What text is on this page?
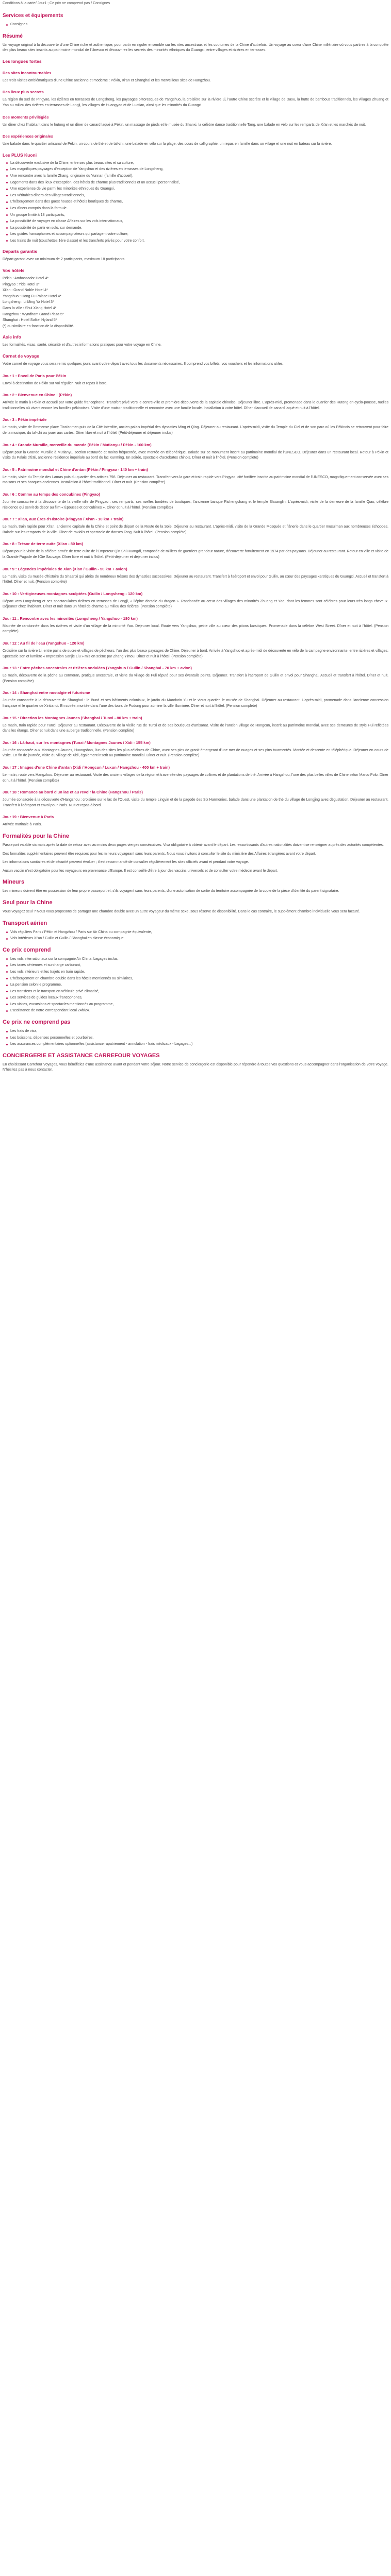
Conditions à la carte/ Jour1 ; Ce prix ne comprend pas / Consignes
Services et équipements
Consignes
Résumé

Un voyage original à la découverte d'une Chine riche et authentique, pour partir en rigoler ensemble sur les rites ancestraux et les coutumes de la Chine d'autrefois. Un voyage au coeur d'une Chine millénaire où vous partirez à la conquête des plus beaux sites inscrits au patrimoine mondial de l'Unesco et découvrirez les secrets des minorités ethniques du Guangxi, entre villages et rizières en terrasses.

Les longues fortes
Des sites incontournables

Les trois visites emblématiques d'une Chine ancienne et moderne : Pékin, Xi'an et Shanghai et les merveilleux sites de Hangzhou.

Des lieux plus secrets

La région du sud de Pingyao, les rizières en terrasses de Longsheng, les paysages pittoresques de Yangshuo, la croisière sur la rivière Li, l'autre Chine secrète et le village de Daxu, la hutte de bambous traditionnels, les villages Zhuang et Yao au milieu des rizières en terrasses de Longji, les villages de Huangyao et de Luotian, ainsi que les minorités du Guangxi.

Des moments privilégiés

Un dîner chez l'habitant dans le hutong et un dîner de canard laqué à Pékin, un massage de pieds et le musée du Shanxi, la célèbre danse traditionnelle Tang, une balade en vélo sur les remparts de Xi'an et les marchés de nuit.

Des expériences originales

Une balade dans le quartier artisanal de Pékin, un cours de thé et de taï-chi, une balade en vélo sur la plage, des cours de calligraphie, un repas en famille dans un village et une nuit en bateau sur la rivière.

Les PLUS Kuoni
La découverte exclusive de la Chine, entre ses plus beaux sites et sa culture,
Les magnifiques paysages d'exception de Yangshuo et des rizières en terrasses de Longsheng,
Une rencontre avec la famille Zhang, originaire du Yunnan (famille d'accueil),
Logements dans des lieux d'exception, des hôtels de charme plus traditionnels et un accueil personnalisé,
Une expérience de vie parmi les minorités ethniques du Guangxi,
Les véritables dîners des villages traditionnels,
L'hébergement dans des guest houses et hôtels boutiques de charme,
Les dîners compris dans la formule.
Un groupe limité à 18 participants,
La possibilité de voyager en classe Affaires sur les vols internationaux,
La possibilité de partir en solo, sur demande,
Les guides francophones et accompagnateurs qui partagent votre culture,
Les trains de nuit (couchettes 1ère classe) et les transferts privés pour votre confort.
Départs garantis

Départ garanti avec un minimum de 2 participants, maximum 18 participants.

Vos hôtels

Pékin : Ambassador Hotel 4*

Pingyao : Yide Hotel 3*

Xi'an : Grand Noble Hotel 4*

Yangshuo : Hong Fu Palace Hotel 4*

Longsheng : Li Ming Ya Hotel 3*

Dans la ville : Shui Xiang Hotel 4*

Hangzhou : Wyndham Grand Plaza 5*

Shanghai : Hotel Sofitel Hyland 5*

(*) ou similaire en fonction de la disponibilité.

Asie info

Les formalités, visas, santé, sécurité et d'autres informations pratiques pour votre voyage en Chine.

Carnet de voyage

Votre carnet de voyage vous sera remis quelques jours avant votre départ avec tous les documents nécessaires. Il comprend vos billets, vos vouchers et les informations utiles.

Jour 1 : Envol de Paris pour Pékin

Envol à destination de Pékin sur vol régulier. Nuit et repas à bord.

Jour 2 : Bienvenue en Chine ! (Pékin)

Arrivée le matin à Pékin et accueil par votre guide francophone. Transfert privé vers le centre-ville et première découverte de la capitale chinoise. Déjeuner libre. L'après-midi, promenade dans le quartier des Hutong en cyclo-pousse, ruelles traditionnelles où vivent encore les familles pékinoises. Visite d'une maison traditionnelle et rencontre avec une famille locale. Installation à votre hôtel. Dîner d'accueil de canard laqué et nuit à l'hôtel.

Jour 3 : Pékin impériale

Le matin, visite de l'immense place Tian'anmen puis de la Cité Interdite, ancien palais impérial des dynasties Ming et Qing. Déjeuner au restaurant. L'après-midi, visite du Temple du Ciel et de son parc où les Pékinois se retrouvent pour faire de la musique, du taï-chi ou jouer aux cartes. Dîner libre et nuit à l'hôtel. (Petit-déjeuner et déjeuner inclus)

Jour 4 : Grande Muraille, merveille du monde (Pékin / Mutianyu / Pékin - 160 km)

Départ pour la Grande Muraille à Mutianyu, section restaurée et moins fréquentée, avec montée en téléphérique. Balade sur ce monument inscrit au patrimoine mondial de l'UNESCO. Déjeuner dans un restaurant local. Retour à Pékin et visite du Palais d'Été, ancienne résidence impériale au bord du lac Kunming. En soirée, spectacle d'acrobates chinois. Dîner et nuit à l'hôtel. (Pension complète)

Jour 5 : Patrimoine mondial et Chine d'antan (Pékin / Pingyao - 140 km + train)

Le matin, visite du Temple des Lamas puis du quartier des artistes 798. Déjeuner au restaurant. Transfert vers la gare et train rapide vers Pingyao, cité fortifiée inscrite au patrimoine mondial de l'UNESCO, magnifiquement conservée avec ses maisons et ses banques anciennes. Installation à l'hôtel traditionnel. Dîner et nuit. (Pension complète)

Jour 6 : Comme au temps des concubines (Pingyao)

Journée consacrée à la découverte de la vieille ville de Pingyao : ses remparts, ses ruelles bordées de boutiques, l'ancienne banque Rishengchang et le temple Shuanglin. L'après-midi, visite de la demeure de la famille Qiao, célèbre résidence qui servit de décor au film « Épouses et concubines ». Dîner et nuit à l'hôtel. (Pension complète)

Jour 7 : Xi'an, aux Ères d'Histoire (Pingyao / Xi'an - 10 km + train)

Le matin, train rapide pour Xi'an, ancienne capitale de la Chine et point de départ de la Route de la Soie. Déjeuner au restaurant. L'après-midi, visite de la Grande Mosquée et flânerie dans le quartier musulman aux nombreuses échoppes. Balade sur les remparts de la ville. Dîner de raviolis et spectacle de danses Tang. Nuit à l'hôtel. (Pension complète)

Jour 8 : Trésor de terre cuite (Xi'an - 80 km)

Départ pour la visite de la célèbre armée de terre cuite de l'Empereur Qin Shi Huangdi, composée de milliers de guerriers grandeur nature, découverte fortuitement en 1974 par des paysans. Déjeuner au restaurant. Retour en ville et visite de la Grande Pagode de l'Oie Sauvage. Dîner libre et nuit à l'hôtel. (Petit-déjeuner et déjeuner inclus)

Jour 9 : Légendes impériales de Xian (Xian / Guilin - 50 km + avion)

Le matin, visite du musée d'histoire du Shaanxi qui abrite de nombreux trésors des dynasties successives. Déjeuner au restaurant. Transfert à l'aéroport et envol pour Guilin, au cœur des paysages karstiques du Guangxi. Accueil et transfert à l'hôtel. Dîner et nuit. (Pension complète)

Jour 10 : Vertigineuses montagnes sculptées (Guilin / Longsheng - 120 km)

Départ vers Longsheng et ses spectaculaires rizières en terrasses de Longji, « l'épine dorsale du dragon ». Randonnée au cœur des villages des minorités Zhuang et Yao, dont les femmes sont célèbres pour leurs très longs cheveux. Déjeuner chez l'habitant. Dîner et nuit dans un hôtel de charme au milieu des rizières. (Pension complète)

Jour 11 : Rencontre avec les minorités (Longsheng / Yangshuo - 180 km)

Matinée de randonnée dans les rizières et visite d'un village de la minorité Yao. Déjeuner local. Route vers Yangshuo, petite ville au cœur des pitons karstiques. Promenade dans la célèbre West Street. Dîner et nuit à l'hôtel. (Pension complète)

Jour 12 : Au fil de l'eau (Yangshuo - 120 km)

Croisière sur la rivière Li, entre pains de sucre et villages de pêcheurs, l'un des plus beaux paysages de Chine. Déjeuner à bord. Arrivée à Yangshuo et après-midi de découverte en vélo de la campagne environnante, entre rizières et villages. Spectacle son et lumière « Impression Sanjie Liu » mis en scène par Zhang Yimou. Dîner et nuit à l'hôtel. (Pension complète)

Jour 13 : Entre pêches ancestrales et rizières ondulées (Yangshuo / Guilin / Shanghai - 70 km + avion)

Le matin, découverte de la pêche au cormoran, pratique ancestrale, et visite du village de Fuli réputé pour ses éventails peints. Déjeuner. Transfert à l'aéroport de Guilin et envol pour Shanghai. Accueil et transfert à l'hôtel. Dîner et nuit. (Pension complète)

Jour 14 : Shanghai entre nostalgie et futurisme

Journée consacrée à la découverte de Shanghai : le Bund et ses bâtiments coloniaux, le jardin du Mandarin Yu et le vieux quartier, le musée de Shanghai. Déjeuner au restaurant. L'après-midi, promenade dans l'ancienne concession française et le quartier de Xintiandi. En soirée, montée dans l'une des tours de Pudong pour admirer la ville illuminée. Dîner et nuit à l'hôtel. (Pension complète)

Jour 15 : Direction les Montagnes Jaunes (Shanghai / Tunxi - 80 km + train)

Le matin, train rapide pour Tunxi. Déjeuner au restaurant. Découverte de la vieille rue de Tunxi et de ses boutiques d'artisanat. Visite de l'ancien village de Hongcun, inscrit au patrimoine mondial, avec ses demeures de style Hui reflétées dans les étangs. Dîner et nuit dans une auberge traditionnelle. (Pension complète)

Jour 16 : Là-haut, sur les montagnes (Tunxi / Montagnes Jaunes / Xidi - 155 km)

Journée consacrée aux Montagnes Jaunes, Huangshan, l'un des sites les plus célèbres de Chine, avec ses pics de granit émergeant d'une mer de nuages et ses pins tourmentés. Montée et descente en téléphérique. Déjeuner en cours de visite. En fin de journée, visite du village de Xidi, également inscrit au patrimoine mondial. Dîner et nuit. (Pension complète)

Jour 17 : Images d'une Chine d'antan (Xidi / Hongcun / Luxun / Hangzhou - 400 km + train)

Le matin, route vers Hangzhou. Déjeuner au restaurant. Visite des anciens villages de la région et traversée des paysages de collines et de plantations de thé. Arrivée à Hangzhou, l'une des plus belles villes de Chine selon Marco Polo. Dîner et nuit à l'hôtel. (Pension complète)

Jour 18 : Romance au bord d'un lac et au revoir la Chine (Hangzhou / Paris)

Journée consacrée à la découverte d'Hangzhou : croisière sur le lac de l'Ouest, visite du temple Lingyin et de la pagode des Six Harmonies, balade dans une plantation de thé du village de Longjing avec dégustation. Déjeuner au restaurant. Transfert à l'aéroport et envol pour Paris. Nuit et repas à bord.

Jour 19 : Bienvenue à Paris

Arrivée matinale à Paris.

Formalités pour la Chine

Passeport valable six mois après la date de retour avec au moins deux pages vierges consécutives. Visa obligatoire à obtenir avant le départ. Les ressortissants d'autres nationalités doivent se renseigner auprès des autorités compétentes.

Des formalités supplémentaires peuvent être requises pour les mineurs voyageant sans leurs parents. Nous vous invitons à consulter le site du ministère des Affaires étrangères avant votre départ.

Les informations sanitaires et de sécurité peuvent évoluer ; il est recommandé de consulter régulièrement les sites officiels avant et pendant votre voyage.

Aucun vaccin n'est obligatoire pour les voyageurs en provenance d'Europe. Il est conseillé d'être à jour des vaccins universels et de consulter votre médecin avant le départ.

Mineurs

Les mineurs doivent être en possession de leur propre passeport et, s'ils voyagent sans leurs parents, d'une autorisation de sortie du territoire accompagnée de la copie de la pièce d'identité du parent signataire.

Seul pour la Chine

Vous voyagez seul ? Nous vous proposons de partager une chambre double avec un autre voyageur du même sexe, sous réserve de disponibilité. Dans le cas contraire, le supplément chambre individuelle vous sera facturé.

Transport aérien
Vols réguliers Paris / Pékin et Hangzhou / Paris sur Air China ou compagnie équivalente,
Vols intérieurs Xi'an / Guilin et Guilin / Shanghai en classe économique.
Ce prix comprend
Les vols internationaux sur la compagnie Air China, bagages inclus,
Les taxes aériennes et surcharge carburant,
Les vols intérieurs et les trajets en train rapide,
L'hébergement en chambre double dans les hôtels mentionnés ou similaires,
La pension selon le programme,
Les transferts et le transport en véhicule privé climatisé,
Les services de guides locaux francophones,
Les visites, excursions et spectacles mentionnés au programme,
L'assistance de notre correspondant local 24h/24.
Ce prix ne comprend pas
Les frais de visa,
Les boissons, dépenses personnelles et pourboires,
Les assurances complémentaires optionnelles (assistance rapatriement - annulation - frais médicaux - bagages...)
CONCIERGERIE ET ASSISTANCE CARREFOUR VOYAGES

En choisissant Carrefour Voyages, vous bénéficiez d'une assistance avant et pendant votre séjour. Notre service de conciergerie est disponible pour répondre à toutes vos questions et vous accompagner dans l'organisation de votre voyage. N'hésitez pas à nous contacter.
